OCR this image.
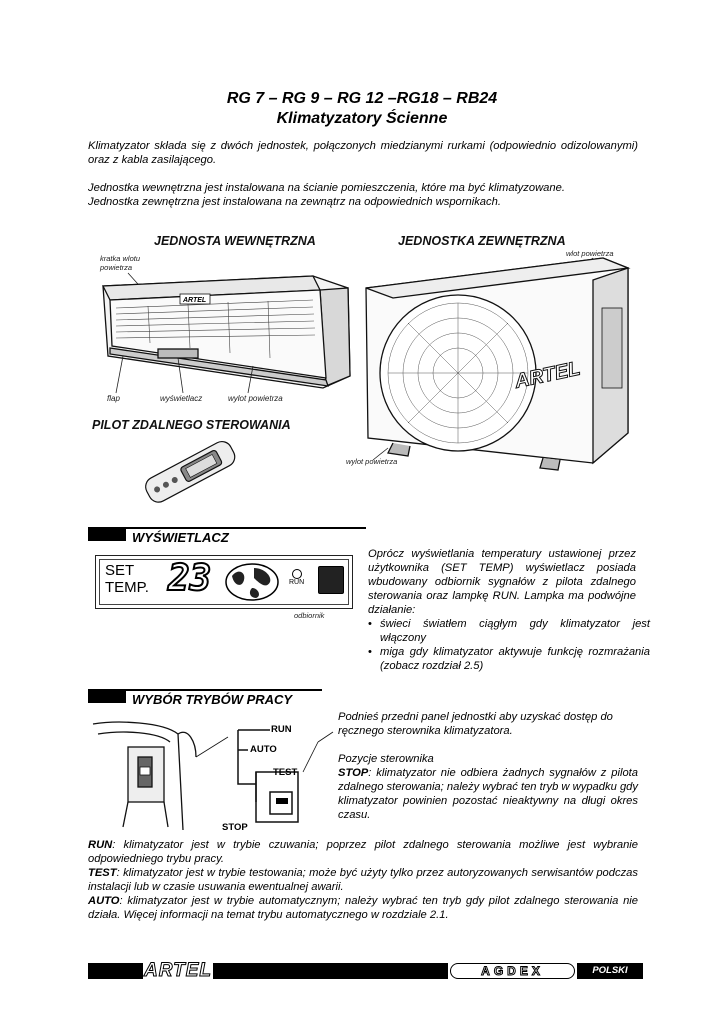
RG 7 – RG 9 – RG 12 –RG18 – RB24
Klimatyzatory Ścienne

Klimatyzator składa się z dwóch jednostek, połączonych miedzianymi rurkami (odpowiednio odizolowanymi) oraz z kabla zasilającego.

Jednostka wewnętrzna jest instalowana na ścianie pomieszczenia, które ma być klimatyzowane.

Jednostka zewnętrzna jest instalowana na zewnątrz na odpowiednich wspornikach.

JEDNOSTA WEWNĘTRZNA	JEDNOSTKA ZEWNĘTRZNA
kratka wlotu powietrza
wlot powietrza
ARTEL
ARTEL
flap	wyświetlacz	wylot powietrza
PILOT ZDALNEGO STEROWANIA
wylot powietrza
WYŚWIETLACZ
SET
TEMP. 23	RUN
odbiornik

Oprócz wyświetlania temperatury ustawionej przez użytkownika (SET TEMP) wyświetlacz posiada wbudowany odbiornik sygnałów z pilota zdalnego sterowania oraz lampkę RUN. Lampka ma podwójne działanie:

• świeci światłem ciągłym gdy klimatyzator jest włączony
• miga gdy klimatyzator aktywuje funkcję rozmrażania (zobacz rozdział 2.5)
WYBÓR TRYBÓW PRACY
RUN
AUTO
TEST
STOP

Podnieś przedni panel jednostki aby uzyskać dostęp do ręcznego sterownika klimatyzatora.

Pozycje sterownika

STOP: klimatyzator nie odbiera żadnych sygnałów z pilota zdalnego sterowania; należy wybrać ten tryb w wypadku gdy klimatyzator powinien pozostać nieaktywny na długi okres czasu.

RUN: klimatyzator jest w trybie czuwania; poprzez pilot zdalnego sterowania możliwe jest wybranie odpowiedniego trybu pracy.

TEST: klimatyzator jest w trybie testowania; może być użyty tylko przez autoryzowanych serwisantów podczas instalacji lub w czasie usuwania ewentualnej awarii.

AUTO: klimatyzator jest w trybie automatycznym; należy wybrać ten tryb gdy pilot zdalnego sterowania nie działa. Więcej informacji na temat trybu automatycznego w rozdziale 2.1.

ARTEL	AGDEX	POLSKI
